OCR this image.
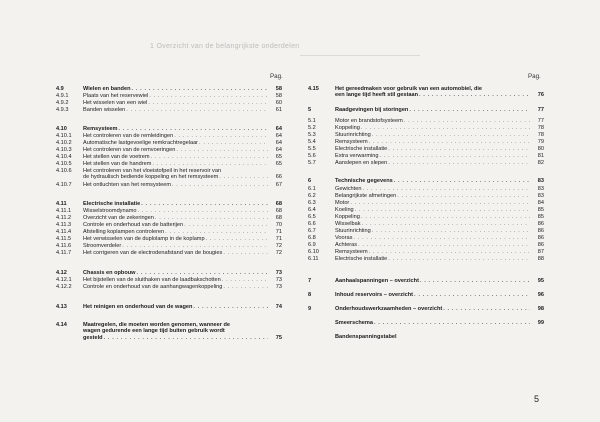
1 Overzicht van de belangrijkste onderdelen
Pag.
4.9	Wielen en banden . . .	58
4.9.1	Plaats van het reservewiel . . .	58
4.9.2	Het wisselen van een wiel . . .	60
4.9.3	Banden wisselen . . .	61
4.10	Remsysteem . . .	64
4.10.1	Het controleren van de remleidingen . . .	64
4.10.2	Automatische lastgevoelige remkrachtregelaar . . .	64
4.10.3	Het controleren van de remvoeringen . . .	64
4.10.4	Het stellen van de voetrem . . .	65
4.10.5	Het stellen van de handrem . . .	65
4.10.6	Het controleren van het vloeistofpeil in het reservoir van
de hydraulisch bediende koppeling en het remsysteem . . .	66
4.10.7	Het ontluchten van het remsysteem . . .	67
4.11	Electrische installatie . . .	68
4.11.1	Wisselstroomdynamo . . .	68
4.11.2	Overzicht van de zekeringen . . .	68
4.11.3	Controle en onderhoud van de batterijen . . .	70
4.11.4	Afstelling koplampen controleren . . .	71
4.11.5	Het verwisselen van de duplolamp in de koplamp . . .	71
4.11.6	Stroomverdeler . . .	72
4.11.7	Het corrigeren van de electrodenafstand van de bougies . . .	72
4.12	Chassis en opbouw . . .	73
4.12.1	Het bijstellen van de sluithaken van de laadbakschotten . . .	73
4.12.2	Controle en onderhoud van de aanhangwagenkoppeling . . .	73
4.13	Het reinigen en onderhoud van de wagen . . .	74
4.14	Maatregelen, die moeten worden genomen, wanneer de
wagen gedurende een lange tijd buiten gebruik wordt
gesteld . . .	75
Pag.
4.15	Het gereedmaken voor gebruik van een automobiel, die
een lange tijd heeft stil gestaan . . .	76
5	Raadgevingen bij storingen . . .	77
5.1	Motor en brandstofsysteem . . .	77
5.2	Koppeling . . .	78
5.3	Stuurinrichting . . .	78
5.4	Remsysteem . . .	79
5.5	Electrische installatie . . .	80
5.6	Extra verwarming . . .	81
5.7	Aanslepen en slepen . . .	82
6	Technische gegevens . . .	83
6.1	Gewichten . . .	83
6.2	Belangrijkste afmetingen . . .	83
6.3	Motor . . .	84
6.4	Koeling . . .	85
6.5	Koppeling . . .	85
6.6	Wisselbak . . .	86
6.7	Stuurinrichting . . .	86
6.8	Vooras . . .	86
6.9	Achteras . . .	86
6.10	Remsysteem . . .	87
6.11	Electrische installatie . . .	88
7	Aanhaalspanningen – overzicht . . .	95
8	Inhoud reservoirs – overzicht . . .	96
9	Onderhoudswerkzaamheden – overzicht . . .	98
Smeerschema . . .	99
Bandenspanningstabel
5
